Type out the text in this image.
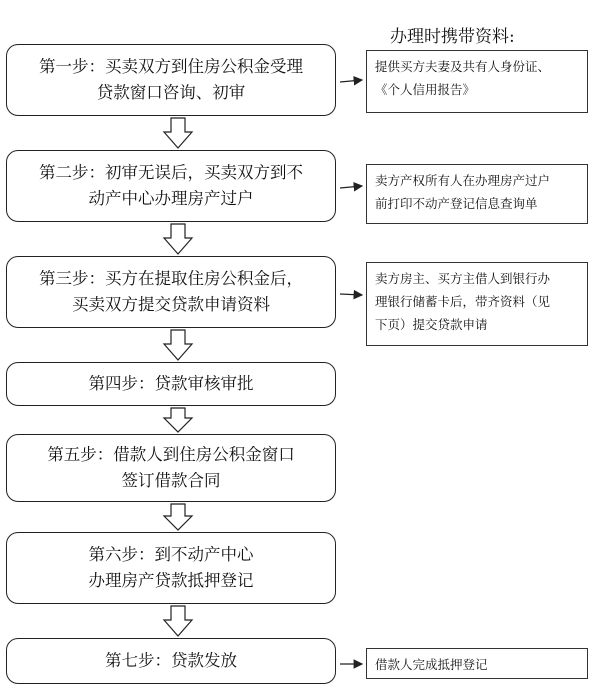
办理时携带资料:
第一步：买卖双方到住房公积金受理
贷款窗口咨询、初审
第二步：初审无误后，买卖双方到不
动产中心办理房产过户
第三步：买方在提取住房公积金后，
买卖双方提交贷款申请资料
第四步：贷款审核审批
第五步：借款人到住房公积金窗口
签订借款合同
第六步：到不动产中心
办理房产贷款抵押登记
第七步：贷款发放
提供买方夫妻及共有人身份证、
《个人信用报告》
卖方产权所有人在办理房产过户
前打印不动产登记信息查询单
卖方房主、买方主借人到银行办
理银行储蓄卡后，带齐资料（见
下页）提交贷款申请
借款人完成抵押登记
